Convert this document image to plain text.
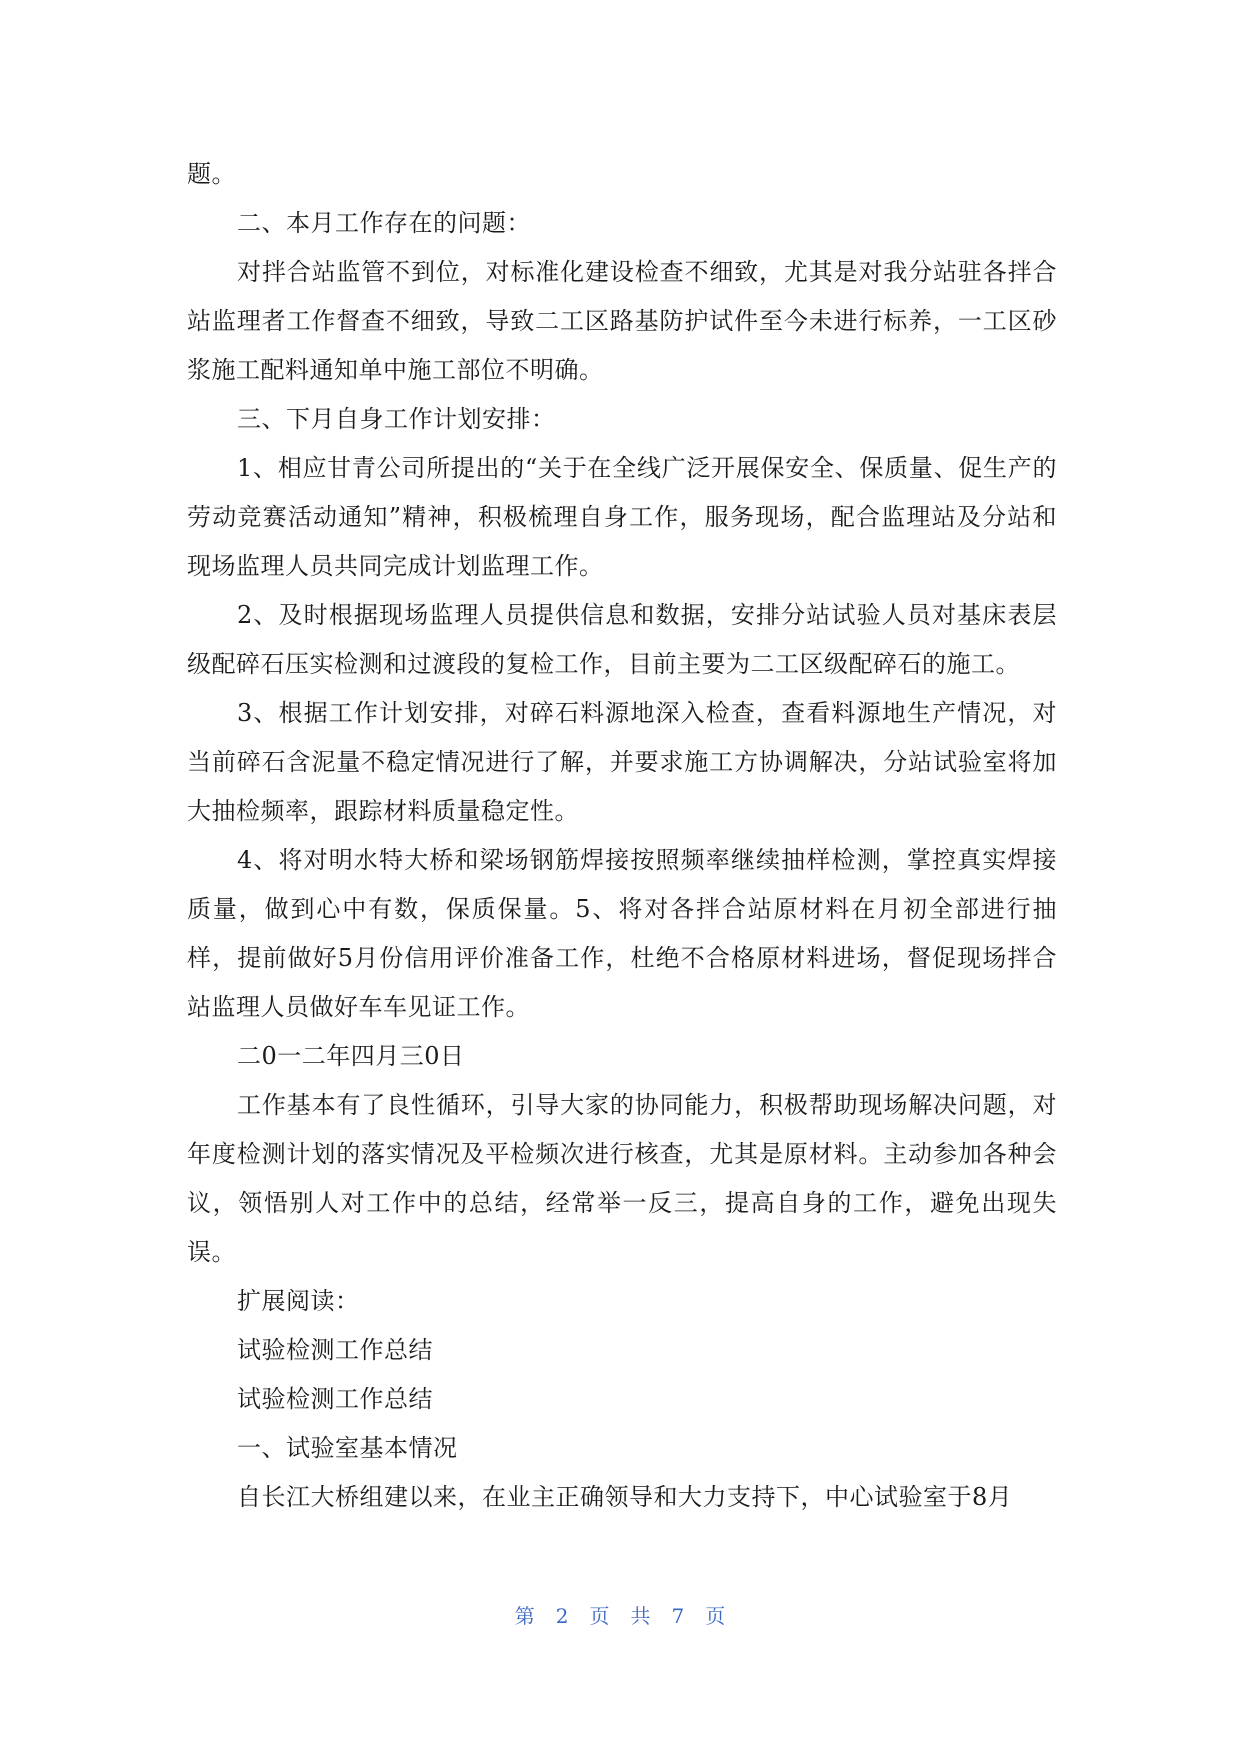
题。

二、本月工作存在的问题：

对拌合站监管不到位，对标准化建设检查不细致，尤其是对我分站驻各拌合站监理者工作督查不细致，导致二工区路基防护试件至今未进行标养，一工区砂浆施工配料通知单中施工部位不明确。

三、下月自身工作计划安排：

1、相应甘青公司所提出的“关于在全线广泛开展保安全、保质量、促生产的劳动竞赛活动通知”精神，积极梳理自身工作，服务现场，配合监理站及分站和现场监理人员共同完成计划监理工作。

2、及时根据现场监理人员提供信息和数据，安排分站试验人员对基床表层级配碎石压实检测和过渡段的复检工作，目前主要为二工区级配碎石的施工。

3、根据工作计划安排，对碎石料源地深入检查，查看料源地生产情况，对当前碎石含泥量不稳定情况进行了解，并要求施工方协调解决，分站试验室将加大抽检频率，跟踪材料质量稳定性。

4、将对明水特大桥和梁场钢筋焊接按照频率继续抽样检测，掌控真实焊接质量，做到心中有数，保质保量。5、将对各拌合站原材料在月初全部进行抽样，提前做好5月份信用评价准备工作，杜绝不合格原材料进场，督促现场拌合站监理人员做好车车见证工作。

二0一二年四月三0日

工作基本有了良性循环，引导大家的协同能力，积极帮助现场解决问题，对年度检测计划的落实情况及平检频次进行核查，尤其是原材料。主动参加各种会议，领悟别人对工作中的总结，经常举一反三，提高自身的工作，避免出现失误。

扩展阅读：

试验检测工作总结

试验检测工作总结

一、试验室基本情况

自长江大桥组建以来，在业主正确领导和大力支持下，中心试验室于8月

第 2 页 共 7 页
